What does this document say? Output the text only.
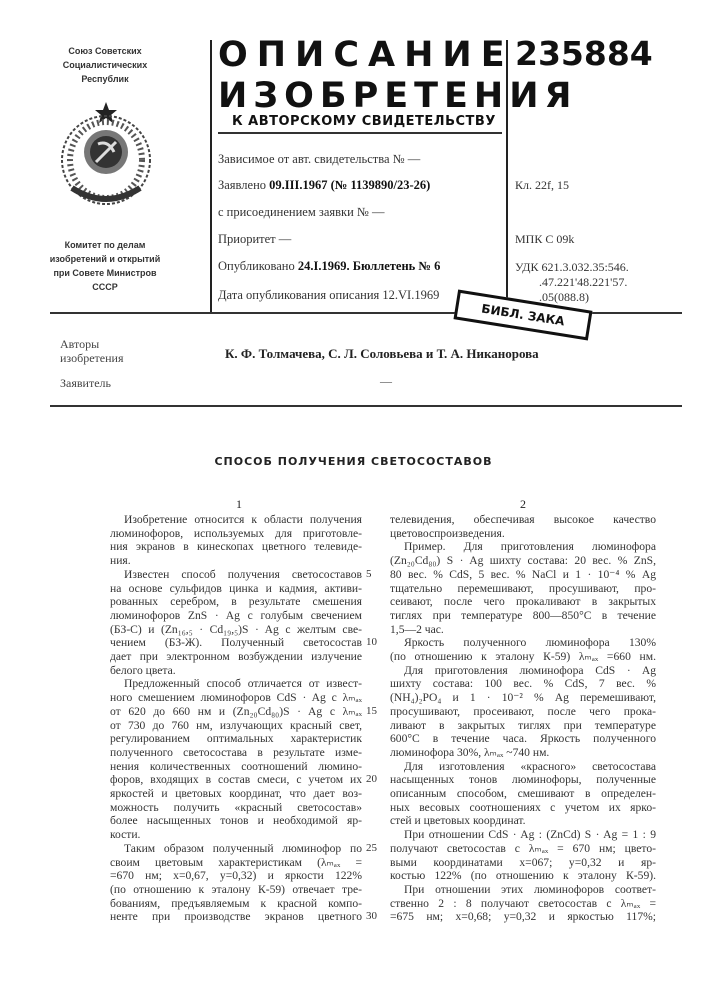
Союз Советских
Социалистических
Республик
Комитет по делам
изобретений и открытий
при Совете Министров
СССР
ОПИСАНИЕ
ИЗОБРЕТЕНИЯ
К АВТОРСКОМУ СВИДЕТЕЛЬСТВУ
235884
Зависимое от авт. свидетельства № —
Заявлено 09.III.1967 (№ 1139890/23-26)
с присоединением заявки № —
Приоритет —
Опубликовано 24.I.1969. Бюллетень № 6
Дата опубликования описания 12.VI.1969
Кл. 22f, 15
МПК C 09k
УДК 621.3.032.35:546.
.47.221'48.221'57.
.05(088.8)
БИБЛ. ЗАКА
Авторы
изобретения	К. Ф. Толмачева, С. Л. Соловьева и Т. А. Никанорова
Заявитель	—
СПОСОБ ПОЛУЧЕНИЯ СВЕТОСОСТАВОВ
1	2
Изобретение относится к области получения
люминофоров, используемых для приготовле-
ния экранов в кинескопах цветного телевиде-
ния.
Известен способ получения светосоставов
на основе сульфидов цинка и кадмия, активи-
рованных серебром, в результате смешения
люминофоров ZnS · Ag с голубым свечением
(БЗ-С) и (Zn₁₆,₅ · Cd₁₉,₅)S · Ag с желтым све-
чением (БЗ-Ж). Полученный светосостав
дает при электронном возбуждении излучение
белого цвета.
Предложенный способ отличается от извест-
ного смешением люминофоров CdS · Ag с λₘₐₓ
от 620 до 660 нм и (Zn₂₀Cd₈₀)S · Ag с λₘₐₓ
от 730 до 760 нм, излучающих красный свет,
регулированием оптимальных характеристик
полученного светосостава в результате изме-
нения количественных соотношений люмино-
форов, входящих в состав смеси, с учетом их
яркостей и цветовых координат, что дает воз-
можность получить «красный светосостав»
более насыщенных тонов и необходимой яр-
кости.
Таким образом полученный люминофор по
своим цветовым характеристикам (λₘₐₓ =
=670 нм; x=0,67, y=0,32) и яркости 122%
(по отношению к эталону К-59) отвечает тре-
бованиям, предъявляемым к красной компо-
ненте при производстве экранов цветного
телевидения, обеспечивая высокое качество
цветовоспроизведения.
Пример. Для приготовления люминофора
(Zn₂₀Cd₈₀) S · Ag шихту состава: 20 вес. % ZnS,
80 вес. % CdS, 5 вес. % NaCl и 1 · 10⁻⁴ % Ag
тщательно перемешивают, просушивают, про-
сеивают, после чего прокаливают в закрытых
тиглях при температуре 800—850°С в течение
1,5—2 час.
Яркость полученного люминофора 130%
(по отношению к эталону К-59) λₘₐₓ =660 нм.
Для приготовления люминофора CdS · Ag
шихту состава: 100 вес. % CdS, 7 вес. %
(NH₄)₂PO₄ и 1 · 10⁻² % Ag перемешивают,
просушивают, просеивают, после чего прока-
ливают в закрытых тиглях при температуре
600°С в течение часа. Яркость полученного
люминофора 30%, λₘₐₓ ~740 нм.
Для изготовления «красного» светосостава
насыщенных тонов люминофоры, полученные
описанным способом, смешивают в определен-
ных весовых соотношениях с учетом их ярко-
стей и цветовых координат.
При отношении CdS · Ag : (ZnCd) S · Ag = 1 : 9
получают светосостав с λₘₐₓ = 670 нм; цвето-
выми координатами x=067; y=0,32 и яр-
костью 122% (по отношению к эталону К-59).
При отношении этих люминофоров соответ-
ственно 2 : 8 получают светосостав с λₘₐₓ =
=675 нм; x=0,68; y=0,32 и яркостью 117%;
5
10
15
20
25
30
